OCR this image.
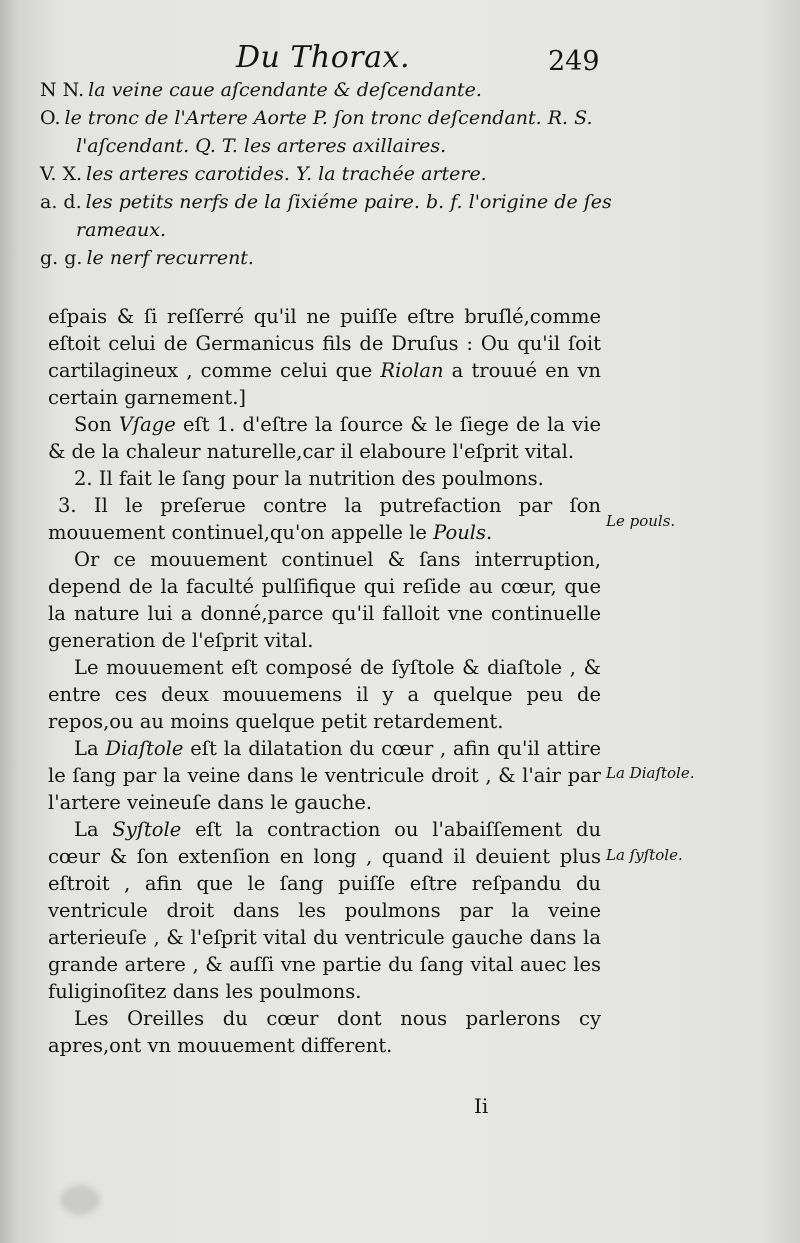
Du Thorax.	249
N N. la veine caue aſcendante & deſcendante.
O. le tronc de l'Artere Aorte P. ſon tronc deſcendant. R. S.
l'aſcendant. Q. T. les arteres axillaires.
V. X. les arteres carotides. Y. la trachée artere.
a. d. les petits nerfs de la ſixiéme paire. b. f. l'origine de ſes
rameaux.
g. g. le nerf recurrent.

eſpais & ſi reſſerré qu'il ne puiſſe eſtre bruſlé,comme eſtoit celui de Germanicus fils de Druſus : Ou qu'il ſoit cartilagineux , comme celui que Riolan a trouué en vn certain garnement.]

Son Vſage eſt 1. d'eſtre la ſource & le ſiege de la vie & de la chaleur naturelle,car il elaboure l'eſprit vital.

2. Il fait le ſang pour la nutrition des poulmons.

3. Il le preſerue contre la putrefaction par ſon mouuement continuel,qu'on appelle le Pouls.

Or ce mouuement continuel & ſans interruption, depend de la faculté pulſifique qui reſide au cœur, que la nature lui a donné,parce qu'il falloit vne continuelle generation de l'eſprit vital.

Le mouuement eſt composé de ſyſtole & diaſtole , & entre ces deux mouuemens il y a quelque peu de repos,ou au moins quelque petit retardement.

La Diaſtole eſt la dilatation du cœur , afin qu'il attire le ſang par la veine dans le ventricule droit , & l'air par l'artere veineuſe dans le gauche.

La Syſtole eſt la contraction ou l'abaiſſement du cœur & ſon extenſion en long , quand il deuient plus eſtroit , afin que le ſang puiſſe eſtre reſpandu du ventricule droit dans les poulmons par la veine arterieuſe , & l'eſprit vital du ventricule gauche dans la grande artere , & auſſi vne partie du ſang vital auec les fuliginoſitez dans les poulmons.

Les Oreilles du cœur dont nous parlerons cy apres,ont vn mouuement different.

Le pouls.
La Diaſtole.
La ſyſtole.
Ii
